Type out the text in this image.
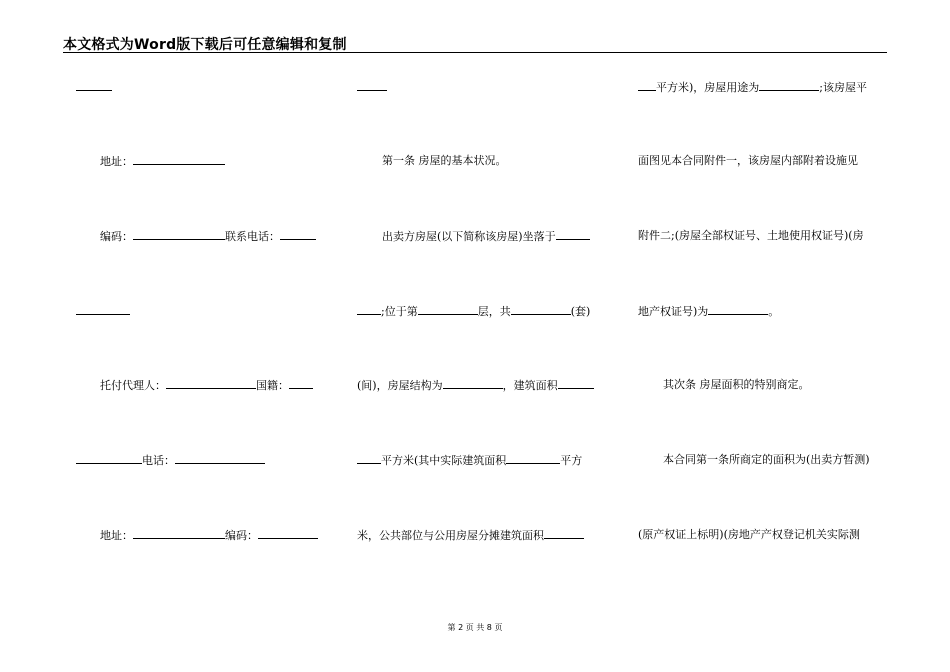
本文格式为Word版下载后可任意编辑和复制
地址：
编码：	联系电话：
托付代理人：	国籍：
电话：
地址：	编码：
第一条 房屋的基本状况。
出卖方房屋(以下简称该房屋)坐落于
;位于第	层，共	(套)
(间)，房屋结构为	，建筑面积
平方米(其中实际建筑面积	平方
米，公共部位与公用房屋分摊建筑面积
平方米)，房屋用途为	;该房屋平
面图见本合同附件一，该房屋内部附着设施见
附件二;(房屋全部权证号、土地使用权证号)(房
地产权证号)为	。
其次条 房屋面积的特别商定。
本合同第一条所商定的面积为(出卖方暂测)
(原产权证上标明)(房地产产权登记机关实际测
第 2 页 共 8 页
